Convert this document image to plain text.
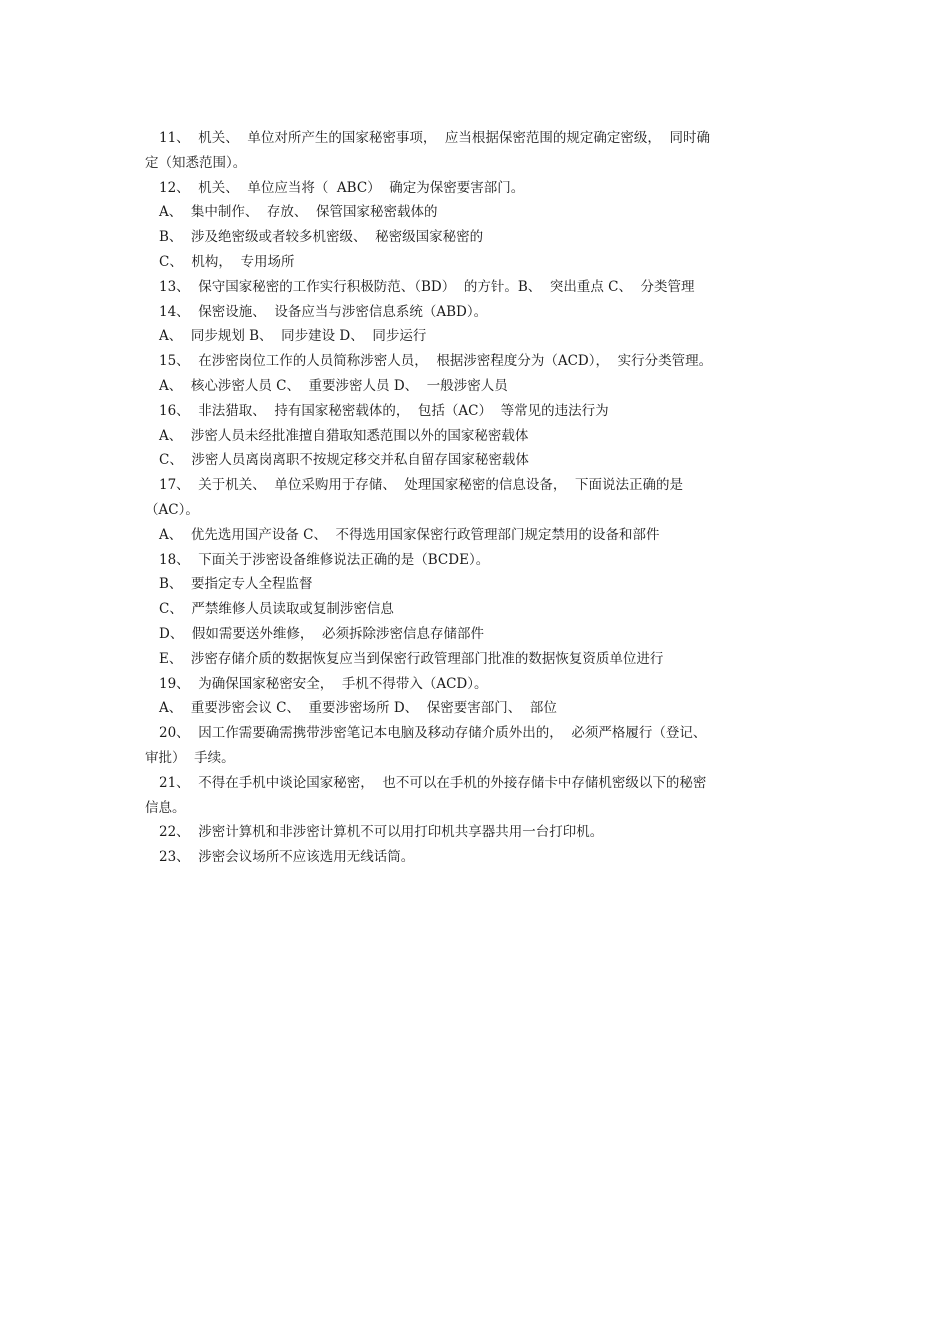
11、  机关、  单位对所产生的国家秘密事项，  应当根据保密范围的规定确定密级，  同时确
定（知悉范围）。
12、  机关、  单位应当将（  ABC）  确定为保密要害部门。
A、  集中制作、  存放、  保管国家秘密载体的
B、  涉及绝密级或者较多机密级、  秘密级国家秘密的
C、  机构，  专用场所
13、  保守国家秘密的工作实行积极防范、（BD）  的方针。B、  突出重点 C、  分类管理
14、  保密设施、  设备应当与涉密信息系统（ABD）。
A、  同步规划 B、  同步建设 D、  同步运行
15、  在涉密岗位工作的人员简称涉密人员，  根据涉密程度分为（ACD），  实行分类管理。
A、  核心涉密人员 C、  重要涉密人员 D、  一般涉密人员
16、  非法猎取、  持有国家秘密载体的，  包括（AC）  等常见的违法行为
A、  涉密人员未经批准擅自猎取知悉范围以外的国家秘密载体
C、  涉密人员离岗离职不按规定移交并私自留存国家秘密载体
17、  关于机关、  单位采购用于存储、  处理国家秘密的信息设备，  下面说法正确的是
（AC）。
A、  优先选用国产设备 C、  不得选用国家保密行政管理部门规定禁用的设备和部件
18、  下面关于涉密设备维修说法正确的是（BCDE）。
B、  要指定专人全程监督
C、  严禁维修人员读取或复制涉密信息
D、  假如需要送外维修，  必须拆除涉密信息存储部件
E、  涉密存储介质的数据恢复应当到保密行政管理部门批准的数据恢复资质单位进行
19、  为确保国家秘密安全，  手机不得带入（ACD）。
A、  重要涉密会议 C、  重要涉密场所 D、  保密要害部门、  部位
20、  因工作需要确需携带涉密笔记本电脑及移动存储介质外出的，  必须严格履行（登记、
审批）  手续。
21、  不得在手机中谈论国家秘密，  也不可以在手机的外接存储卡中存储机密级以下的秘密
信息。
22、  涉密计算机和非涉密计算机不可以用打印机共享器共用一台打印机。
23、  涉密会议场所不应该选用无线话筒。
